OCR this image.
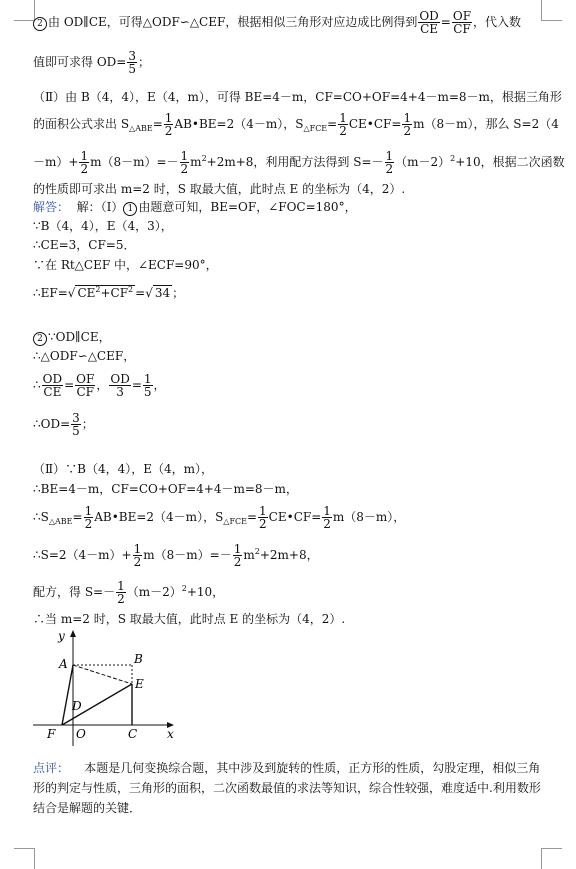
2 由 OD∥CE，可得△ODF∽△CEF，根据相似三角形对应边成比例得到 $\frac{OD}{CE} = \frac{OF}{CF}$ ，代入数
值即可求得 $OD= \frac{3}{5}$ ；
（Ⅱ）由 B（4，4），E（4，m），可得 BE=4－m，CF=CO+OF=4+4－m=8－m，根据三角形
的面积公式求出 $S_{\triangle ABE}= \frac{1}{2}$ AB•BE=2（4－m），$S_{\triangle FCE}= \frac{1}{2}$ CE•CF= $\frac{1}{2} m(8-m)$，那么 S=2（4
$-m)+ \frac{1}{2} m(8-m)=- \frac{1}{2} m^2+2m+8$，利用配方法得到 $S=- \frac{1}{2} (m-2)^2+10$，根据二次函数
的性质即可求出 m=2 时，S 取最大值，此时点 E 的坐标为（4，2）.
解答： 解：（Ⅰ） 1 由题意可知，BE=OF，∠FOC=180°，
∵B（4，4），E（4，3），
∴CE=3，CF=5．
∵在 Rt△CEF 中，∠ECF=90°，
∴EF=√ $CE^2+CF^2$ =√ 34 ；
2 ∵OD∥CE，
∴△ODF∽△CEF，
∴ $\frac{OD}{CE} = \frac{OF}{CF}$ ， $\frac{OD}{3} = \frac{1}{5}$ ，
∴OD= $\frac{3}{5}$ ；
（Ⅱ）∵B（4，4），E（4，m），
∴BE=4－m，CF=CO+OF=4+4－m=8－m，
$\therefore S_{\triangle ABE}= \frac{1}{2}$ AB•BE=2（4－m），$S_{\triangle FCE}= \frac{1}{2}$ CE•CF= $\frac{1}{2} m(8-m)$，
∴S=2（4－m）+ $\frac{1}{2} m(8-m)=- \frac{1}{2} m^2+2m+8$，
配方，得 $S=- \frac{1}{2} (m-2)^2+10$，
∴当 m=2 时，S 取最大值，此时点 E 的坐标为（4，2）.
y
x
A	B
E
D
F O	C
点评： 本题是几何变换综合题，其中涉及到旋转的性质，正方形的性质，勾股定理，相似三角形的判定与性质，三角形的面积，二次函数最值的求法等知识，综合性较强，难度适中.利用数形结合是解题的关键．
